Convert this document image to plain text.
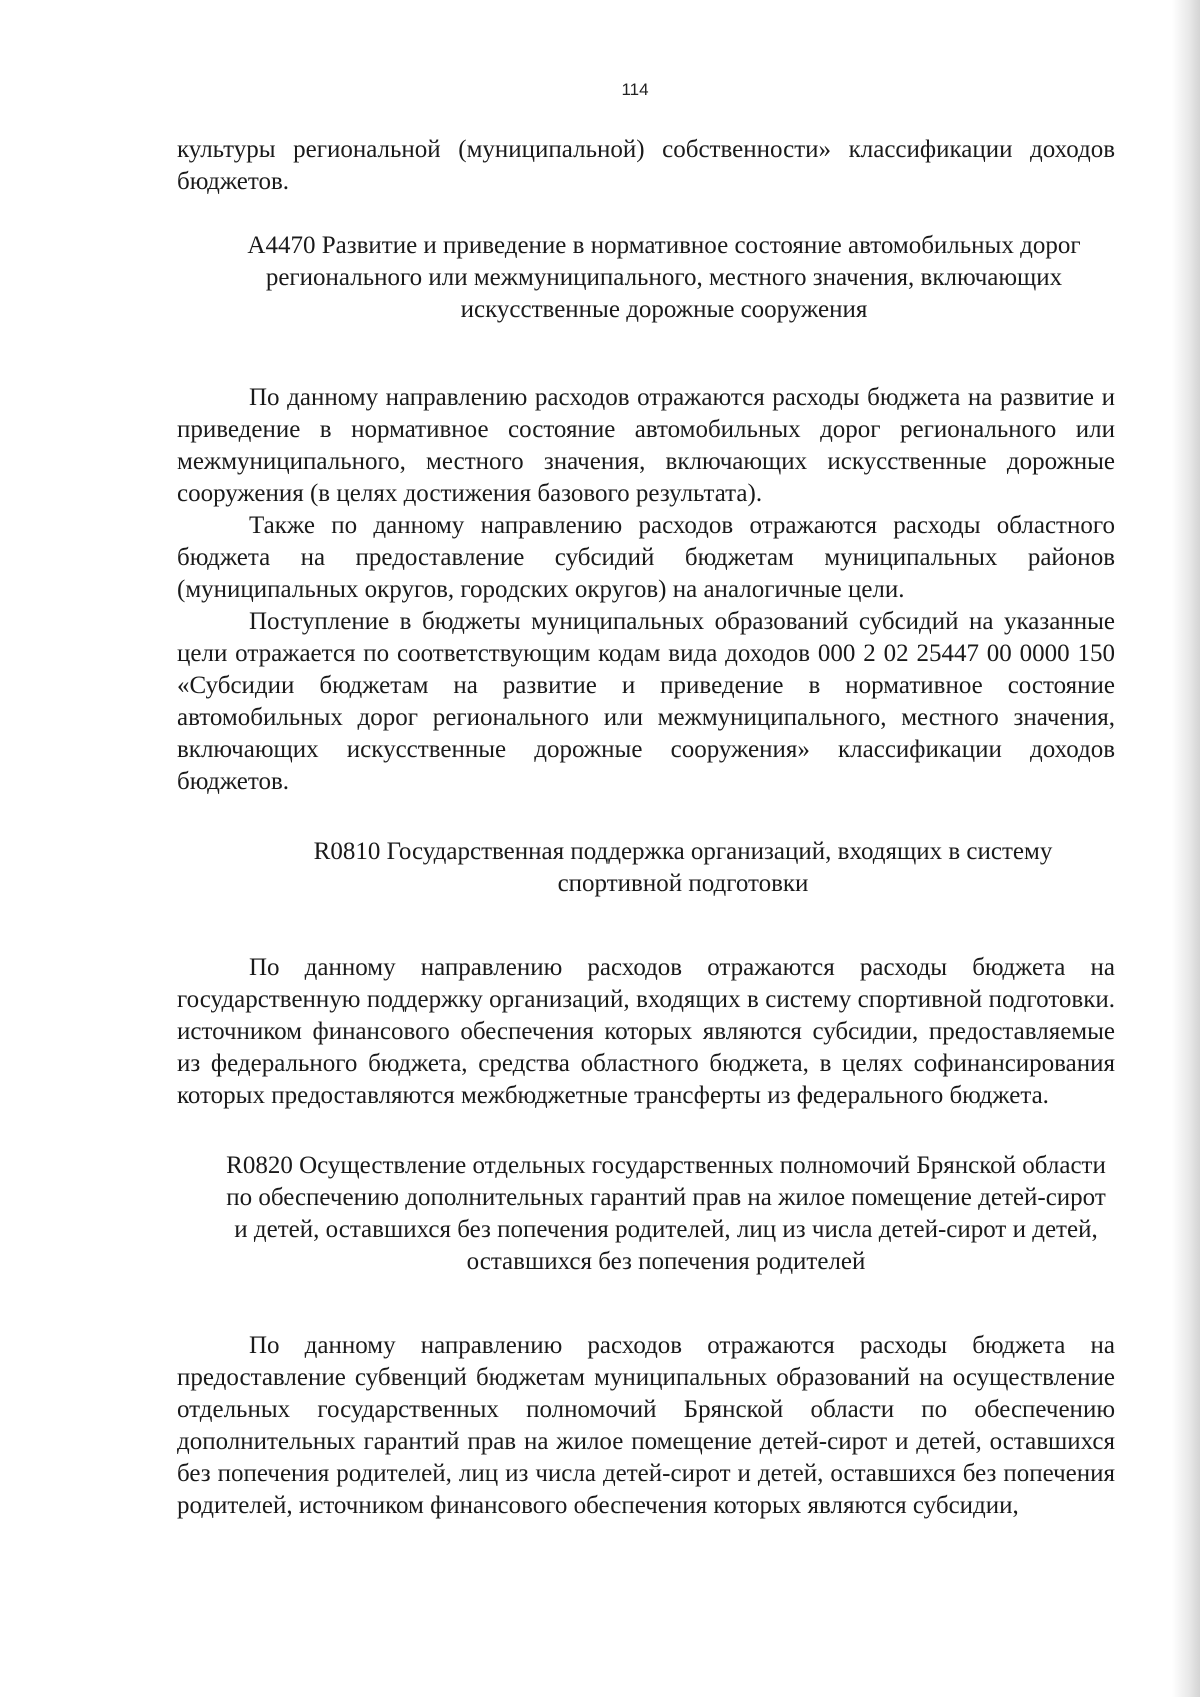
114

культуры региональной (муниципальной) собственности» классификации доходов бюджетов.

А4470 Развитие и приведение в нормативное состояние автомобильных дорог регионального или межмуниципального, местного значения, включающих искусственные дорожные сооружения

По данному направлению расходов отражаются расходы бюджета на развитие и приведение в нормативное состояние автомобильных дорог регионального или межмуниципального, местного значения, включающих искусственные дорожные сооружения (в целях достижения базового результата).

Также по данному направлению расходов отражаются расходы областного бюджета на предоставление субсидий бюджетам муниципальных районов (муниципальных округов, городских округов) на аналогичные цели.

Поступление в бюджеты муниципальных образований субсидий на указанные цели отражается по соответствующим кодам вида доходов 000 2 02 25447 00 0000 150 «Субсидии бюджетам на развитие и приведение в нормативное состояние автомобильных дорог регионального или межмуниципального, местного значения, включающих искусственные дорожные сооружения» классификации доходов бюджетов.

R0810 Государственная поддержка организаций, входящих в систему спортивной подготовки

По данному направлению расходов отражаются расходы бюджета на государственную поддержку организаций, входящих в систему спортивной подготовки. источником финансового обеспечения которых являются субсидии, предоставляемые из федерального бюджета, средства областного бюджета, в целях софинансирования которых предоставляются межбюджетные трансферты из федерального бюджета.

R0820 Осуществление отдельных государственных полномочий Брянской области по обеспечению дополнительных гарантий прав на жилое помещение детей-сирот и детей, оставшихся без попечения родителей, лиц из числа детей-сирот и детей, оставшихся без попечения родителей

По данному направлению расходов отражаются расходы бюджета на предоставление субвенций бюджетам муниципальных образований на осуществление отдельных государственных полномочий Брянской области по обеспечению дополнительных гарантий прав на жилое помещение детей-сирот и детей, оставшихся без попечения родителей, лиц из числа детей-сирот и детей, оставшихся без попечения родителей, источником финансового обеспечения которых являются субсидии,
